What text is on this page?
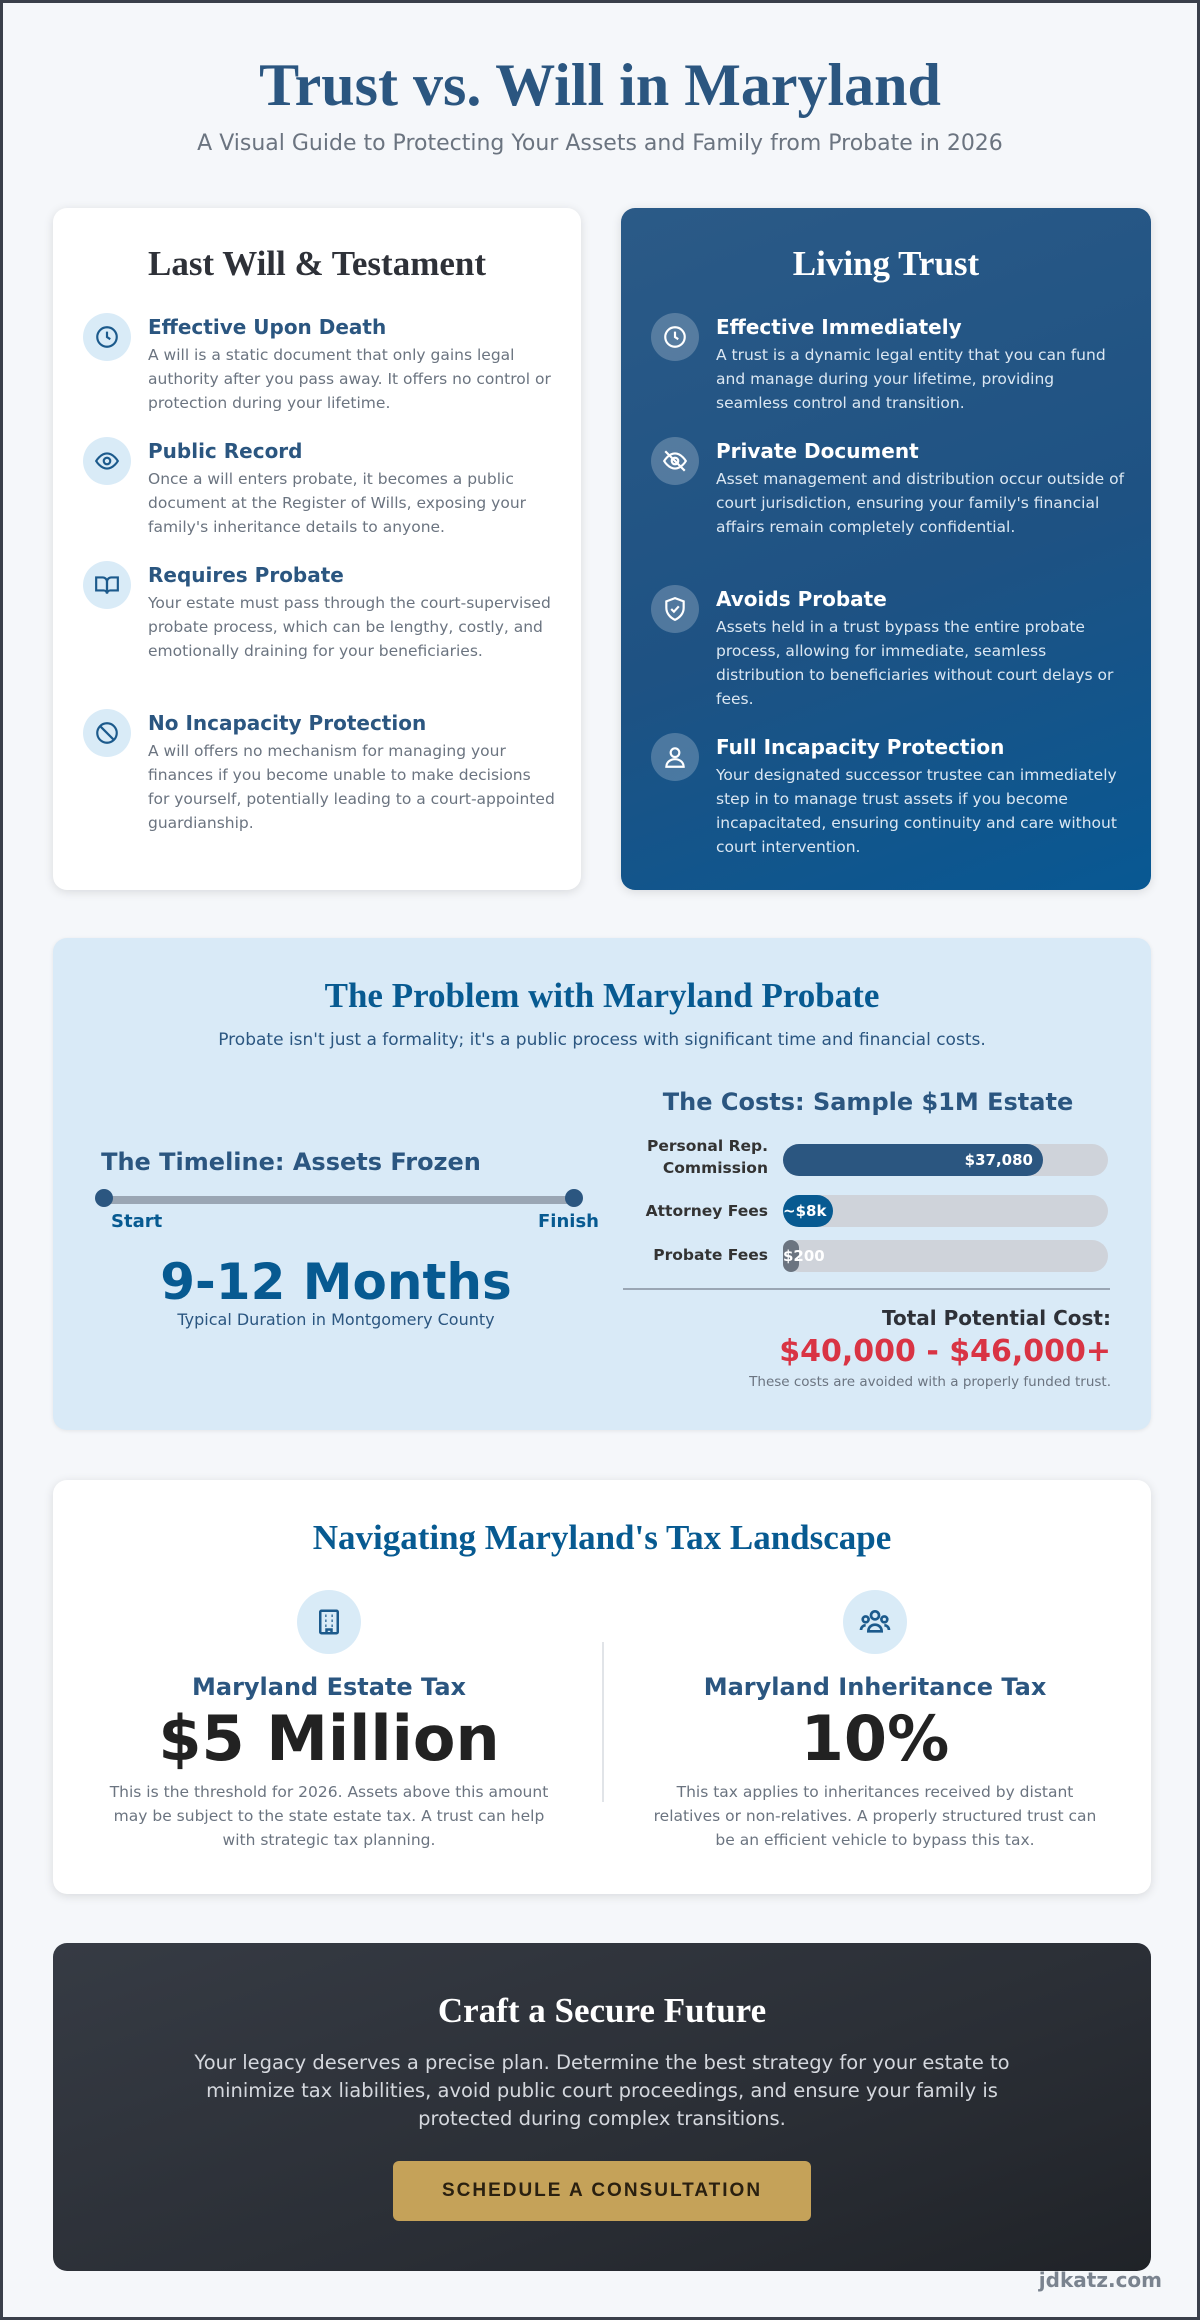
Trust vs. Will in Maryland

A Visual Guide to Protecting Your Assets and Family from Probate in 2026

Last Will & Testament
Effective Upon Death
A will is a static document that only gains legal authority after you pass away. It offers no control or protection during your lifetime.
Public Record
Once a will enters probate, it becomes a public document at the Register of Wills, exposing your family's inheritance details to anyone.
Requires Probate
Your estate must pass through the court-supervised probate process, which can be lengthy, costly, and emotionally draining for your beneficiaries.
No Incapacity Protection
A will offers no mechanism for managing your finances if you become unable to make decisions for yourself, potentially leading to a court-appointed guardianship.
Living Trust
Effective Immediately
A trust is a dynamic legal entity that you can fund and manage during your lifetime, providing seamless control and transition.
Private Document
Asset management and distribution occur outside of court jurisdiction, ensuring your family's financial affairs remain completely confidential.
Avoids Probate
Assets held in a trust bypass the entire probate process, allowing for immediate, seamless distribution to beneficiaries without court delays or fees.
Full Incapacity Protection
Your designated successor trustee can immediately step in to manage trust assets if you become incapacitated, ensuring continuity and care without court intervention.
The Problem with Maryland Probate

Probate isn't just a formality; it's a public process with significant time and financial costs.

The Timeline: Assets Frozen
Start	Finish
9-12 Months
Typical Duration in Montgomery County
The Costs: Sample $1M Estate
Personal Rep. Commission	$37,080
Attorney Fees ~$8k
Probate Fees $200
Total Potential Cost:
$40,000 - $46,000+
These costs are avoided with a properly funded trust.
Navigating Maryland's Tax Landscape
Maryland Estate Tax
$5 Million
This is the threshold for 2026. Assets above this amount may be subject to the state estate tax. A trust can help with strategic tax planning.
Maryland Inheritance Tax
10%
This tax applies to inheritances received by distant relatives or non-relatives. A properly structured trust can be an efficient vehicle to bypass this tax.
Craft a Secure Future

Your legacy deserves a precise plan. Determine the best strategy for your estate to minimize tax liabilities, avoid public court proceedings, and ensure your family is protected during complex transitions.

SCHEDULE A CONSULTATION
jdkatz.com
